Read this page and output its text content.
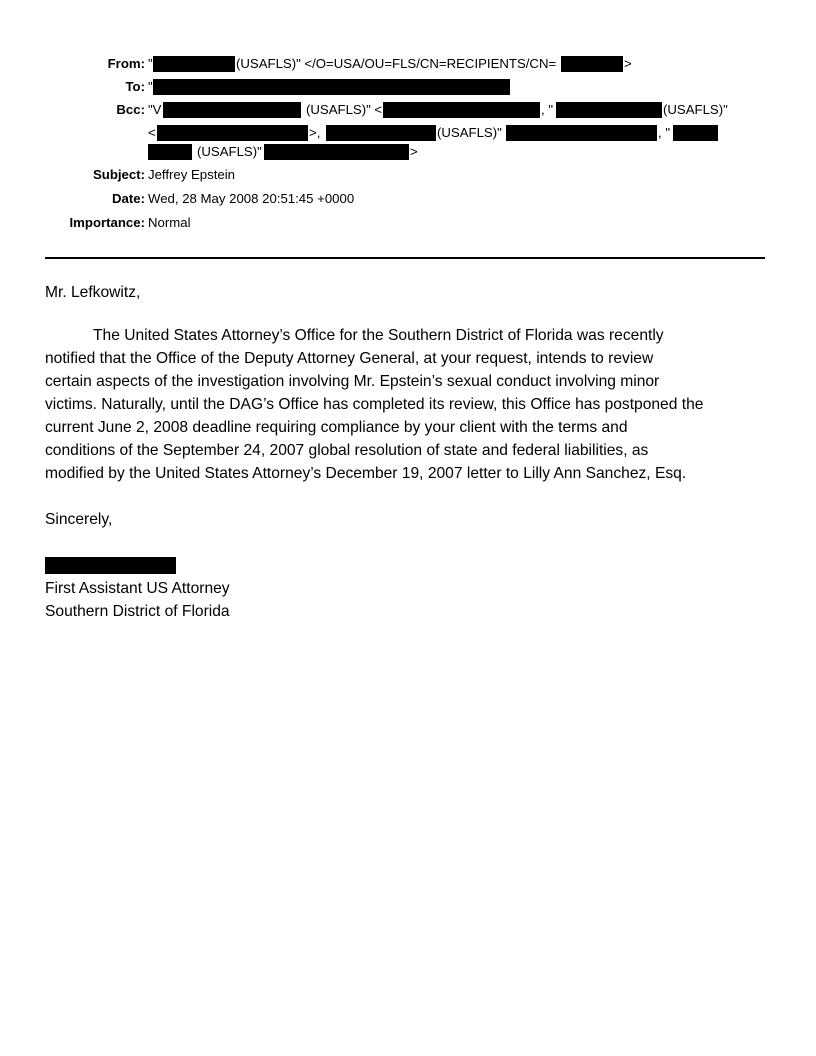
From: "	(USAFLS)" </O=USA/OU=FLS/CN=RECIPIENTS/CN=	>
To: "
Bcc: "V	(USAFLS)" <	, "	(USAFLS)"
<	>,	(USAFLS)"	, "
(USAFLS)"	>
Subject: Jeffrey Epstein
Date: Wed, 28 May 2008 20:51:45 +0000
Importance: Normal
Mr. Lefkowitz,
The United States Attorney’s Office for the Southern District of Florida was recently
notified that the Office of the Deputy Attorney General, at your request, intends to review
certain aspects of the investigation involving Mr. Epstein’s sexual conduct involving minor
victims. Naturally, until the DAG’s Office has completed its review, this Office has postponed the
current June 2, 2008 deadline requiring compliance by your client with the terms and
conditions of the September 24, 2007 global resolution of state and federal liabilities, as
modified by the United States Attorney’s December 19, 2007 letter to Lilly Ann Sanchez, Esq.
Sincerely,
First Assistant US Attorney
Southern District of Florida
